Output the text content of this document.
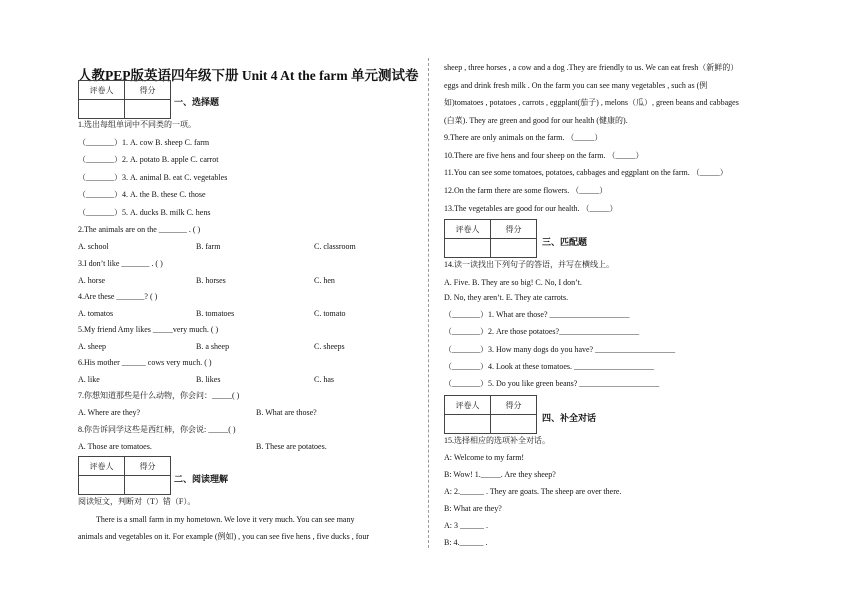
人教PEP版英语四年级下册 Unit 4 At the farm 单元测试卷
评卷人	得分

一、选择题
1.选出每组单词中不同类的一项。
（_______）1. A. cow B. sheep C. farm
（_______）2. A. potato B. apple C. carrot
（_______）3. A. animal B. eat C. vegetables
（_______）4. A. the B. these C. those
（_______）5. A. ducks B. milk C. hens
2.The animals are on the _______ . ( )
A. school	B. farm	C. classroom
3.I don’t like _______ . ( )
A. horse	B. horses	C. hen
4.Are these _______? ( )
A. tomatos	B. tomatoes	C. tomato
5.My friend Amy likes _____very much. ( )
A. sheep	B. a sheep	C. sheeps
6.His mother ______ cows very much. ( )
A. like	B. likes	C. has
7.你想知道那些是什么动物，你会问：_____( )
A. Where are they?	B. What are those?
8.你告诉同学这些是西红柿，你会说: _____( )
A. Those are tomatoes.	B. These are potatoes.
评卷人	得分

二、阅读理解
阅读短文，判断对（T）错（F）。
There is a small farm in my hometown. We love it very much. You can see many
animals and vegetables on it. For example (例如) , you can see five hens , five ducks , four
sheep , three horses , a cow and a dog .They are friendly to us. We can eat fresh（新鲜的）
eggs and drink fresh milk . On the farm you can see many vegetables , such as (例
如)tomatoes , potatoes , carrots , eggplant(茄子) , melons（瓜）, green beans and cabbages
(白菜). They are green and good for our health (健康的).
9.There are only animals on the farm. （_____）
10.There are five hens and four sheep on the farm. （_____）
11.You can see some tomatoes, potatoes, cabbages and eggplant on the farm. （_____）
12.On the farm there are some flowers. （_____）
13.The vegetables are good for our health. （_____）
评卷人	得分

三、匹配题
14.读一读找出下列句子的答语，并写在横线上。
A. Five. B. They are so big! C. No, I don’t.
D. No, they aren’t. E. They ate carrots.
（_______）1. What are those? ____________________
（_______）2. Are those potatoes?____________________
（_______）3. How many dogs do you have? ____________________
（_______）4. Look at these tomatoes. ____________________
（_______）5. Do you like green beans? ____________________
评卷人	得分

四、补全对话
15.选择相应的选项补全对话。
A: Welcome to my farm!
B: Wow! 1._____. Are they sheep?
A: 2.______ . They are goats. The sheep are over there.
B: What are they?
A: 3 ______ .
B: 4.______ .
